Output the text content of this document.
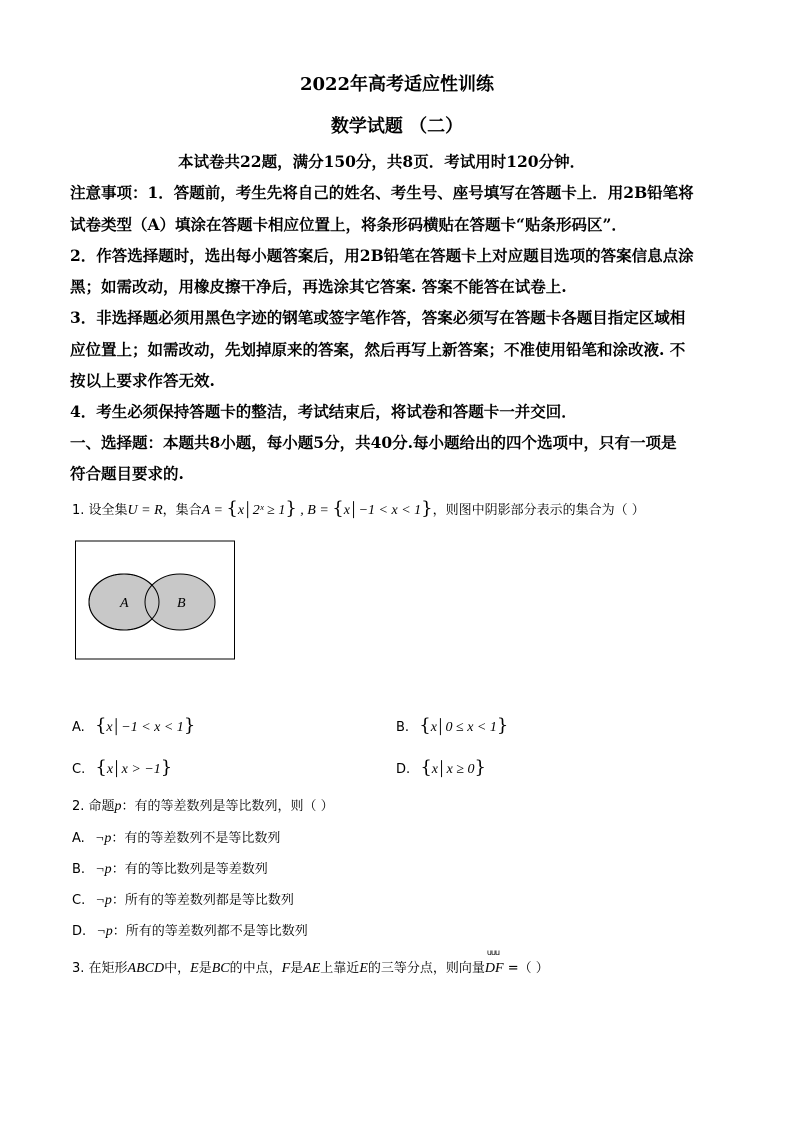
2022年高考适应性训练
数学试题 （二）
本试卷共22题，满分150分，共8页．考试用时120分钟．
注意事项：1．答题前，考生先将自己的姓名、考生号、座号填写在答题卡上．用2B铅笔将
试卷类型（A）填涂在答题卡相应位置上，将条形码横贴在答题卡“贴条形码区”．
2．作答选择题时，选出每小题答案后，用2B铅笔在答题卡上对应题目选项的答案信息点涂
黑；如需改动，用橡皮擦干净后，再选涂其它答案. 答案不能答在试卷上.
3．非选择题必须用黑色字迹的钢笔或签字笔作答，答案必须写在答题卡各题目指定区域相
应位置上；如需改动，先划掉原来的答案，然后再写上新答案；不准使用铅笔和涂改液. 不
按以上要求作答无效.
4．考生必须保持答题卡的整洁，考试结束后，将试卷和答题卡一并交回．
一、选择题：本题共8小题，每小题5分，共40分.每小题给出的四个选项中，只有一项是
符合题目要求的.
1. 设全集U = R，集合A = {x│2ˣ ≥ 1} , B = {x│−1 < x < 1}，则图中阴影部分表示的集合为（ ）
A	B
A. {x│−1 < x < 1}	B. {x│0 ≤ x < 1}
C. {x│x > −1}	D. {x│x ≥ 0}
2. 命题p：有的等差数列是等比数列，则（ ）
A. ¬p：有的等差数列不是等比数列
B. ¬p：有的等比数列是等差数列
C. ¬p：所有的等差数列都是等比数列
D. ¬p：所有的等差数列都不是等比数列
3. 在矩形ABCD中，E是BC的中点，F是AE上靠近E的三等分点，则向量
uuu
DF =（ ）
